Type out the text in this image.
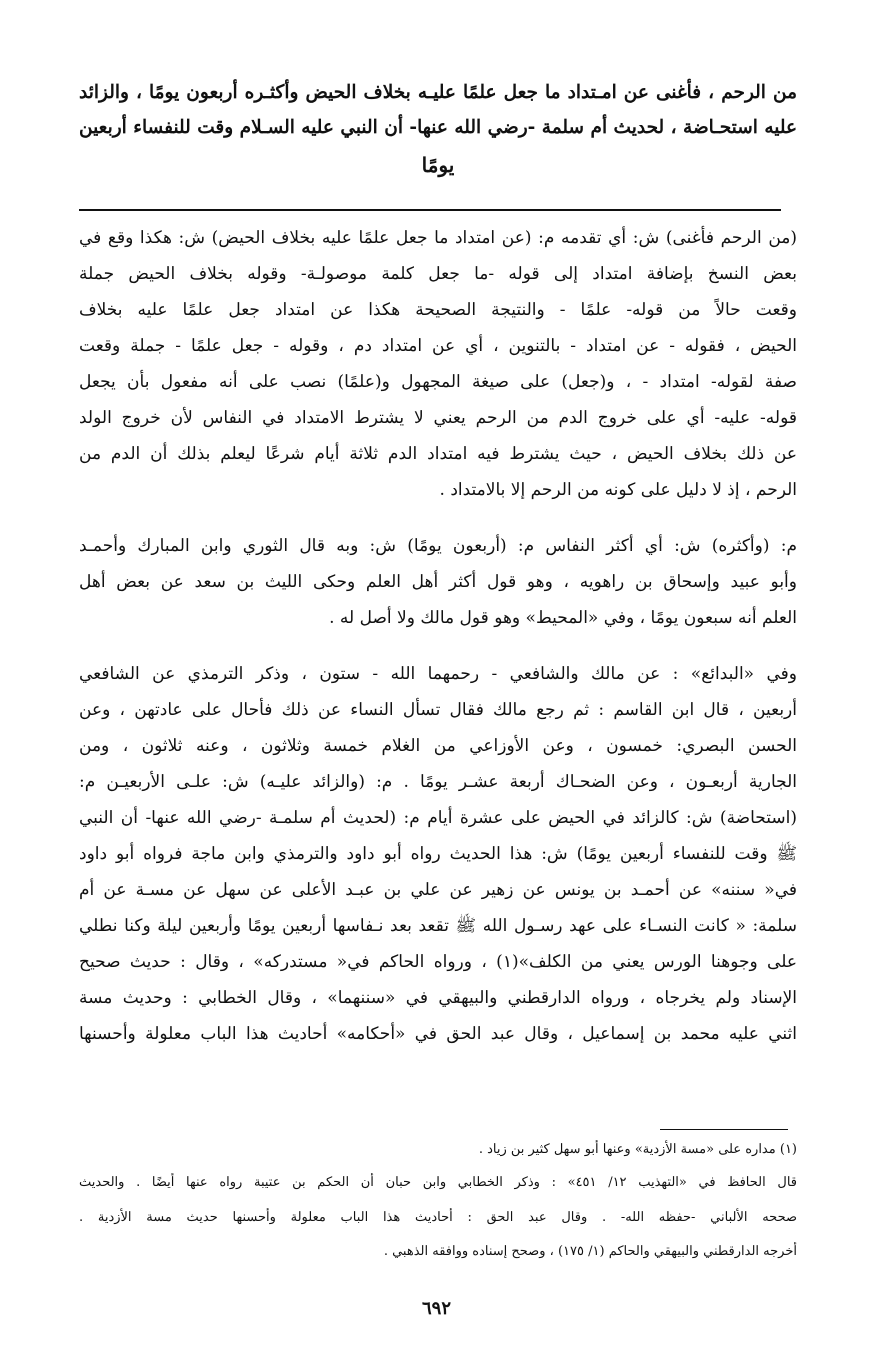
من الرحم ، فأغنى عن امـتداد ما جعل علمًا عليـه بخلاف الحيض وأكثـره أربعون يومًا ، والزائد
عليه استحـاضة ، لحديث أم سلمة -رضي الله عنها- أن النبي عليه السـلام وقت للنفساء أربعين
يومًا
(من الرحم فأغنى) ش: أي تقدمه م: (عن امتداد ما جعل علمًا عليه بخلاف الحيض) ش: هكذا وقع في
بعض النسخ بإضافة امتداد إلى قوله -ما جعل كلمة موصولـة- وقوله بخلاف الحيض جملة
وقعت حالاً من قوله- علمًا - والنتيجة الصحيحة هكذا عن امتداد جعل علمًا عليه بخلاف
الحيض ، فقوله - عن امتداد - بالتنوين ، أي عن امتداد دم ، وقوله - جعل علمًا - جملة وقعت
صفة لقوله- امتداد - ، و(جعل) على صيغة المجهول و(علمًا) نصب على أنه مفعول بأن يجعل
قوله- عليه- أي على خروج الدم من الرحم يعني لا يشترط الامتداد في النفاس لأن خروج الولد
عن ذلك بخلاف الحيض ، حيث يشترط فيه امتداد الدم ثلاثة أيام شرعًا ليعلم بذلك أن الدم من
الرحم ، إذ لا دليل على كونه من الرحم إلا بالامتداد .
م: (وأكثره) ش: أي أكثر النفاس م: (أربعون يومًا) ش: وبه قال الثوري وابن المبارك وأحمـد
وأبو عبيد وإسحاق بن راهويه ، وهو قول أكثر أهل العلم وحكى الليث بن سعد عن بعض أهل
العلم أنه سبعون يومًا ، وفي «المحيط» وهو قول مالك ولا أصل له .
وفي «البدائع» : عن مالك والشافعي - رحمهما الله - ستون ، وذكر الترمذي عن الشافعي
أربعين ، قال ابن القاسم : ثم رجع مالك فقال تسأل النساء عن ذلك فأحال على عادتهن ، وعن
الحسن البصري: خمسون ، وعن الأوزاعي من الغلام خمسة وثلاثون ، وعنه ثلاثون ، ومن
الجارية أربعـون ، وعن الضحـاك أربعة عشـر يومًا . م: (والزائد عليـه) ش: علـى الأربعيـن م:
(استحاضة) ش: كالزائد في الحيض على عشرة أيام م: (لحديث أم سلمـة -رضي الله عنها- أن النبي
ﷺ وقت للنفساء أربعين يومًا) ش: هذا الحديث رواه أبو داود والترمذي وابن ماجة فرواه أبو داود
في« سننه» عن أحمـد بن يونس عن زهير عن علي بن عبـد الأعلى عن سهل عن مسـة عن أم
سلمة: « كانت النسـاء على عهد رسـول الله ﷺ تقعد بعد نـفاسها أربعين يومًا وأربعين ليلة وكنا نطلي
على وجوهنا الورس يعني من الكلف»(١) ، ورواه الحاكم في« مستدركه» ، وقال : حديث صحيح
الإسناد ولم يخرجاه ، ورواه الدارقطني والبيهقي في «سننهما» ، وقال الخطابي : وحديث مسة
اثني عليه محمد بن إسماعيل ، وقال عبد الحق في «أحكامه» أحاديث هذا الباب معلولة وأحسنها
(١) مداره على «مسة الأزدية» وعنها أبو سهل كثير بن زياد .
قال الحافظ في «التهذيب ١٢/ ٤٥١» : وذكر الخطابي وابن حبان أن الحكم بن عتيبة رواه عنها أيضًا . والحديث
صححه الألباني -حفظه الله- . وقال عبد الحق : أحاديث هذا الباب معلولة وأحسنها حديث مسة الأزدية .
أخرجه الدارقطني والبيهقي والحاكم (١/ ١٧٥) ، وصحح إسناده ووافقه الذهبي .
٦٩٢
